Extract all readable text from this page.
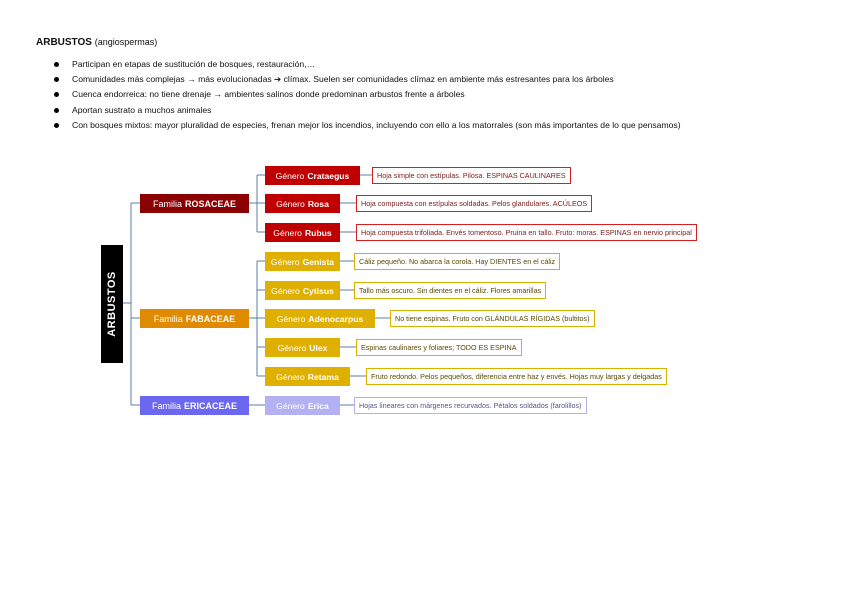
ARBUSTOS (angiospermas)
Participan en etapas de sustitución de bosques, restauración,…
Comunidades más complejas → más evolucionadas ➔ clímax. Suelen ser comunidades clímaz en ambiente más estresantes para los árboles
Cuenca endorreica: no tiene drenaje → ambientes salinos donde predominan arbustos frente a árboles
Aportan sustrato a muchos animales
Con bosques mixtos: mayor pluralidad de especies, frenan mejor los incendios, incluyendo con ello a los matorrales (son más importantes de lo que pensamos)
ARBUSTOS
Familia ROSACEAE
Familia FABACEAE
Familia ERICACEAE
Género Crataegus	Hoja simple con estípulas. Pilosa. ESPINAS CAULINARES
Género Rosa	Hoja compuesta con estípulas soldadas. Pelos glandulares. ACÚLEOS
Género Rubus	Hoja compuesta trifoliada. Envés tomentoso. Pruina en tallo. Fruto: moras. ESPINAS en nervio principal
Género Genista	Cáliz pequeño. No abarca la corola. Hay DIENTES en el cáliz
Género Cytisus	Tallo más oscuro. Sin dientes en el cáliz. Flores amarillas
Género Adenocarpus	No tiene espinas. Fruto con GLÁNDULAS RÍGIDAS (bultitos)
Género Ulex	Espinas caulinares y foliares; TODO ES ESPINA
Género Retama	Fruto redondo. Pelos pequeños, diferencia entre haz y envés. Hojas muy largas y delgadas
Género Erica	Hojas lineares con márgenes recurvados. Pétalos soldados (farolillos)
